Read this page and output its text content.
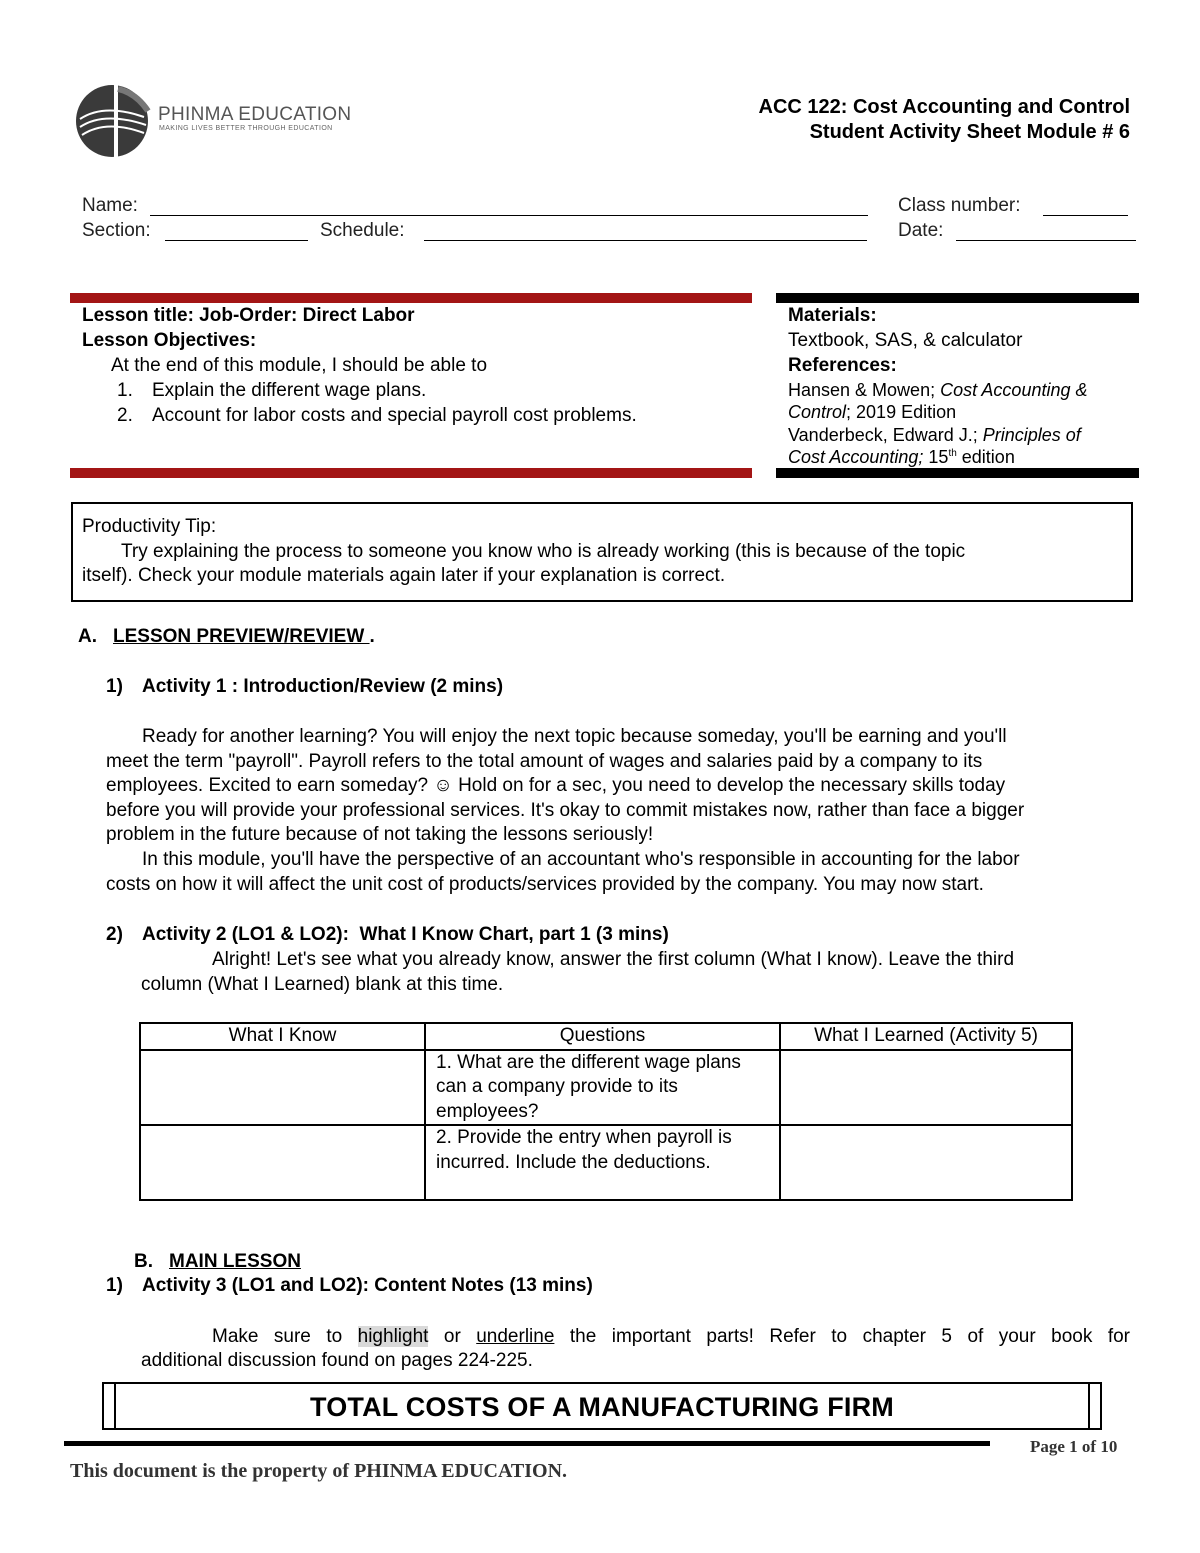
PHINMA EDUCATION
MAKING LIVES BETTER THROUGH EDUCATION
ACC 122: Cost Accounting and Control
Student Activity Sheet Module # 6
Name:	Class number:
Section:	Schedule:	Date:
Lesson title: Job-Order: Direct Labor
Lesson Objectives:
At the end of this module, I should be able to
1. Explain the different wage plans.
2. Account for labor costs and special payroll cost problems.
Materials:
Textbook, SAS, & calculator
References:
Hansen & Mowen; Cost Accounting &
Control; 2019 Edition
Vanderbeck, Edward J.; Principles of
Cost Accounting; 15th edition
Productivity Tip:
Try explaining the process to someone you know who is already working (this is because of the topic
itself). Check your module materials again later if your explanation is correct.
A. LESSON PREVIEW/REVIEW .
1) Activity 1 : Introduction/Review (2 mins)
Ready for another learning? You will enjoy the next topic because someday, you'll be earning and you'll
meet the term "payroll". Payroll refers to the total amount of wages and salaries paid by a company to its
employees. Excited to earn someday? ☺ Hold on for a sec, you need to develop the necessary skills today
before you will provide your professional services. It's okay to commit mistakes now, rather than face a bigger
problem in the future because of not taking the lessons seriously!
In this module, you'll have the perspective of an accountant who's responsible in accounting for the labor
costs on how it will affect the unit cost of products/services provided by the company. You may now start.
2) Activity 2 (LO1 & LO2):  What I Know Chart, part 1 (3 mins)
Alright! Let's see what you already know, answer the first column (What I know). Leave the third
column (What I Learned) blank at this time.
What I Know	Questions	What I Learned (Activity 5)
	1. What are the different wage plans can a company provide to its employees?	
	2. Provide the entry when payroll is incurred. Include the deductions.	
B. MAIN LESSON
1) Activity 3 (LO1 and LO2): Content Notes (13 mins)
Make sure to highlight or underline the important parts! Refer to chapter 5 of your book for
additional discussion found on pages 224-225.
TOTAL COSTS OF A MANUFACTURING FIRM
Page 1 of 10
This document is the property of PHINMA EDUCATION.
